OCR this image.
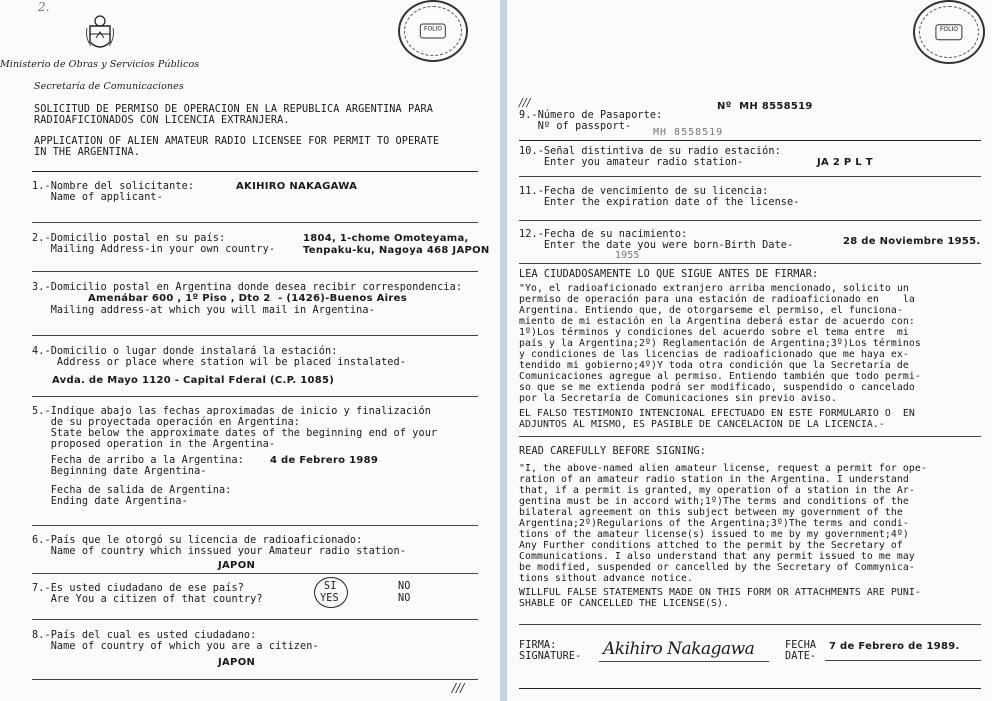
2.
FOLIO
Ministerio de Obras y Servicios Públicos
Secretaría de Comunicaciones
SOLICITUD DE PERMISO DE OPERACION EN LA REPUBLICA ARGENTINA PARA
RADIOAFICIONADOS CON LICENCIA EXTRANJERA.
APPLICATION OF ALIEN AMATEUR RADIO LICENSEE FOR PERMIT TO OPERATE
IN THE ARGENTINA.
1.-Nombre del solicitante:
Name of applicant-
AKIHIRO NAKAGAWA
2.-Domicilio postal en su país:
Mailing Address-in your own country-
1804, 1-chome Omoteyama,
Tenpaku-ku, Nagoya 468 JAPON
3.-Domicilio postal en Argentina donde desea recibir correspondencia:
Amenábar 600 , 1º Piso , Dto 2  - (1426)-Buenos Aires
Mailing address-at which you will mail in Argentina-
4.-Domicilio o lugar donde instalará la estación:
Address or place where station wil be placed instalated-
Avda. de Mayo 1120 - Capital Fderal (C.P. 1085)
5.-Indique abajo las fechas aproximadas de inicio y finalización
de su proyectada operación en Argentina:
State below the approximate dates of the beginning end of your
proposed operation in the Argentina-
Fecha de arribo a la Argentina:	4 de Febrero 1989
Beginning date Argentina-
Fecha de salida de Argentina:
Ending date Argentina-
6.-País que le otorgó su licencia de radioaficionado:
Name of country which inssued your Amateur radio station-
JAPON
7.-Es usted ciudadano de ese país?
Are You a citizen of that country?
SI
YES
NO
NO
8.-País del cual es usted ciudadano:
Name of country of which you are a citizen-
JAPON
///
FOLIO
///
9.-Número de Pasaporte:
Nº of passport-
Nº  MH 8558519
MH 8558519
10.-Señal distintiva de su radio estación:
Enter you amateur radio station-	JA 2 P L T
11.-Fecha de vencimiento de su licencia:
Enter the expiration date of the license-
12.-Fecha de su nacimiento:
Enter the date you were born-Birth Date-	28 de Noviembre 1955.
1955
LEA CIUDADOSAMENTE LO QUE SIGUE ANTES DE FIRMAR:
"Yo, el radioaficionado extranjero arriba mencionado, solicito un
permiso de operación para una estación de radioaficionado en    la
Argentina. Entiendo que, de otorgarseme el permiso, el funciona-
miento de mi estación en la Argentina deberá estar de acuerdo con:
1º)Los términos y condiciones del acuerdo sobre el tema entre  mi
país y la Argentina;2º) Reglamentación de Argentina;3º)Los términos
y condiciones de las licencias de radioaficionado que me haya ex-
tendido mi gobierno;4º)Y toda otra condición que la Secretaría de
Comunicaciones agregue al permiso. Entiendo también que todo permi-
so que se me extienda podrá ser modificado, suspendido o cancelado
por la Secretaría de Comunicaciones sin previo aviso.
EL FALSO TESTIMONIO INTENCIONAL EFECTUADO EN ESTE FORMULARIO O  EN
ADJUNTOS AL MISMO, ES PASIBLE DE CANCELACION DE LA LICENCIA.-
READ CAREFULLY BEFORE SIGNING:
"I, the above-named alien amateur license, request a permit for ope-
ration of an amateur radio station in the Argentina. I understand
that, if a permit is granted, my operation of a station in the Ar-
gentina must be in accord with;1º)The terms and conditions of the
bilateral agreement on this subject between my government of the
Argentina;2º)Regularions of the Argentina;3º)The terms and condi-
tions of the amateur license(s) issued to me by my government;4º)
Any Further conditions attched to the permit by the Secretary of
Communications. I also understand that any permit issued to me may
be modified, suspended or cancelled by the Secretary of Commynica-
tions sithout advance notice.
WILLFUL FALSE STATEMENTS MADE ON THIS FORM OR ATTACHMENTS ARE PUNI-
SHABLE OF CANCELLED THE LICENSE(S).
FIRMA:
SIGNATURE- Akihiro Nakagawa	FECHA
DATE-
7 de Febrero de 1989.
